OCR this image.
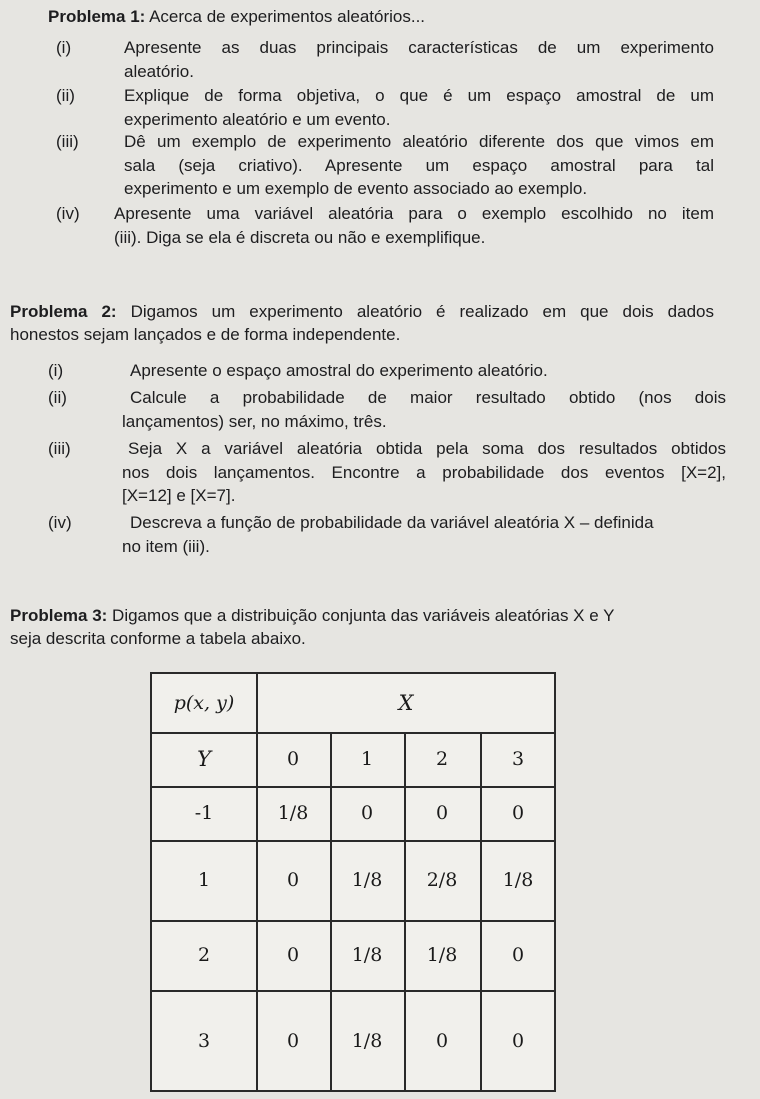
Problema 1: Acerca de experimentos aleatórios...
(i)	Apresente as duas principais características de um experimento
aleatório.
(ii)	Explique de forma objetiva, o que é um espaço amostral de um
experimento aleatório e um evento.
(iii)	Dê um exemplo de experimento aleatório diferente dos que vimos em
sala (seja criativo). Apresente um espaço amostral para tal
experimento e um exemplo de evento associado ao exemplo.
(iv) Apresente uma variável aleatória para o exemplo escolhido no item
(iii). Diga se ela é discreta ou não e exemplifique.
Problema 2: Digamos um experimento aleatório é realizado em que dois dados
honestos sejam lançados e de forma independente.
(i)	Apresente o espaço amostral do experimento aleatório.
(ii)	Calcule a probabilidade de maior resultado obtido (nos dois
lançamentos) ser, no máximo, três.
(iii)	Seja X a variável aleatória obtida pela soma dos resultados obtidos
nos dois lançamentos. Encontre a probabilidade dos eventos [X=2],
[X=12] e [X=7].
(iv)	Descreva a função de probabilidade da variável aleatória X – definida
no item (iii).
Problema 3: Digamos que a distribuição conjunta das variáveis aleatórias X e Y
seja descrita conforme a tabela abaixo.
p(x, y)	X
Y	0	1	2	3
-1	1/8	0	0	0
1	0	1/8	2/8	1/8
2	0	1/8	1/8	0
3	0	1/8	0	0
